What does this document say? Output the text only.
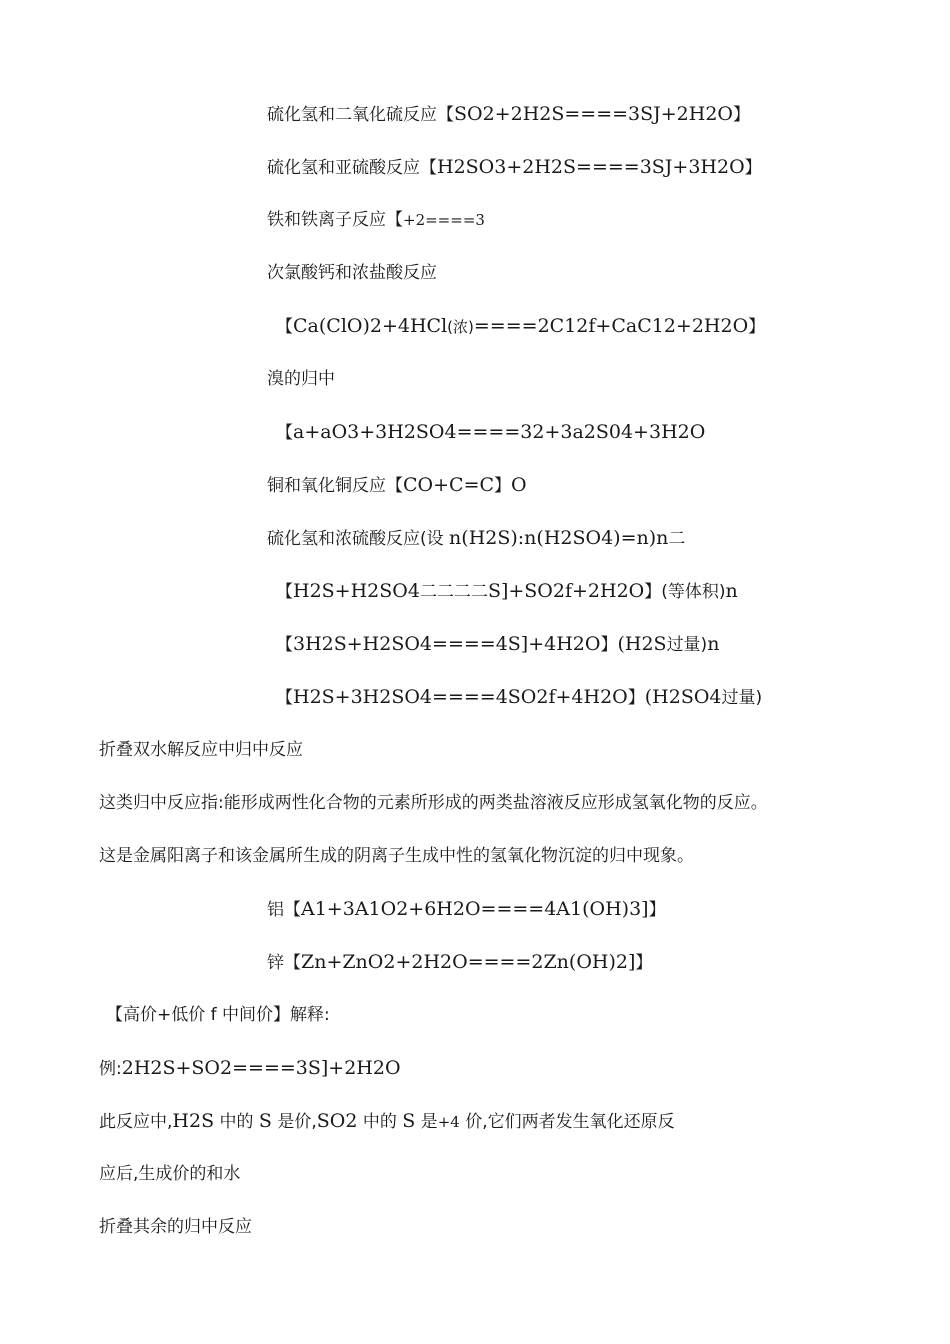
硫化氢和二氧化硫反应【SO2+2H2S====3SJ+2H2O】
硫化氢和亚硫酸反应【H2SO3+2H2S====3SJ+3H2O】
铁和铁离子反应【+2====3
次氯酸钙和浓盐酸反应
【Ca(ClO)2+4HCl(浓)====2C12f+CaC12+2H2O】
溴的归中
【a+aO3+3H2SO4====32+3a2S04+3H2O
铜和氧化铜反应【CO+C=C】O
硫化氢和浓硫酸反应(设 n(H2S):n(H2SO4)=n)n二
【H2S+H2SO4二二二二S]+SO2f+2H2O】(等体积)n
【3H2S+H2SO4====4S]+4H2O】(H2S过量)n
【H2S+3H2SO4====4SO2f+4H2O】(H2SO4过量)
折叠双水解反应中归中反应
这类归中反应指:能形成两性化合物的元素所形成的两类盐溶液反应形成氢氧化物的反应。
这是金属阳离子和该金属所生成的阴离子生成中性的氢氧化物沉淀的归中现象。
铝【A1+3A1O2+6H2O====4A1(OH)3]】
锌【Zn+ZnO2+2H2O====2Zn(OH)2]】
【高价+低价 f 中间价】解释:
例:2H2S+SO2====3S]+2H2O
此反应中,H2S 中的 S 是价,SO2 中的 S 是+4 价,它们两者发生氧化还原反
应后,生成价的和水
折叠其余的归中反应
